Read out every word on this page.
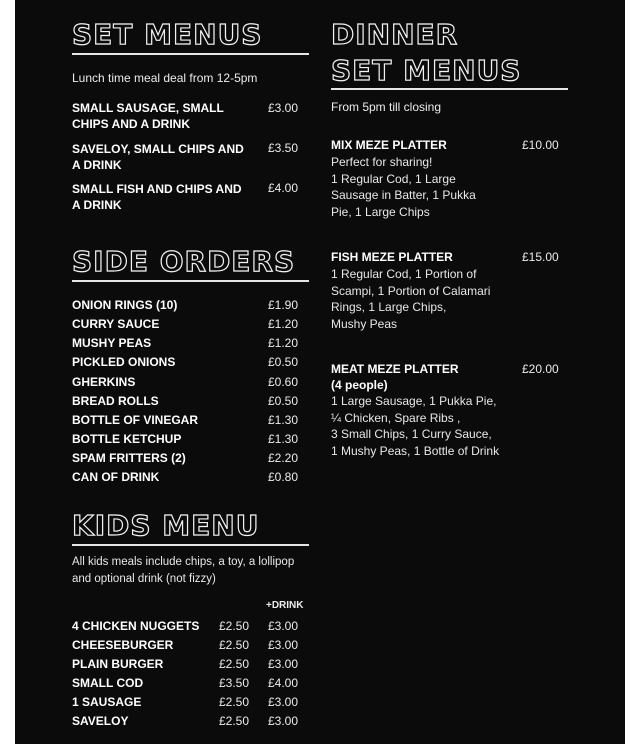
SET MENUS
Lunch time meal deal from 12-5pm
SMALL SAUSAGE, SMALL CHIPS AND A DRINK
£3.00
SAVELOY, SMALL CHIPS AND A DRINK
£3.50
SMALL FISH AND CHIPS AND A DRINK
£4.00
SIDE ORDERS
ONION RINGS (10)	£1.90
CURRY SAUCE	£1.20
MUSHY PEAS	£1.20
PICKLED ONIONS	£0.50
GHERKINS	£0.60
BREAD ROLLS	£0.50
BOTTLE OF VINEGAR	£1.30
BOTTLE KETCHUP	£1.30
SPAM FRITTERS (2)	£2.20
CAN OF DRINK	£0.80
KIDS MENU
All kids meals include chips, a toy, a lollipop and optional drink (not fizzy)
+DRINK
4 CHICKEN NUGGETS £2.50 £3.00
CHEESEBURGER	£2.50 £3.00
PLAIN BURGER	£2.50 £3.00
SMALL COD	£3.50 £4.00
1 SAUSAGE	£2.50 £3.00
SAVELOY	£2.50 £3.00
DINNER
SET MENUS
From 5pm till closing
MIX MEZE PLATTER	£10.00
Perfect for sharing!
1 Regular Cod, 1 Large
Sausage in Batter, 1 Pukka
Pie, 1 Large Chips
FISH MEZE PLATTER	£15.00
1 Regular Cod, 1 Portion of
Scampi, 1 Portion of Calamari
Rings, 1 Large Chips,
Mushy Peas
MEAT MEZE PLATTER	£20.00
(4 people)
1 Large Sausage, 1 Pukka Pie,
¼ Chicken, Spare Ribs ,
3 Small Chips, 1 Curry Sauce,
1 Mushy Peas, 1 Bottle of Drink
